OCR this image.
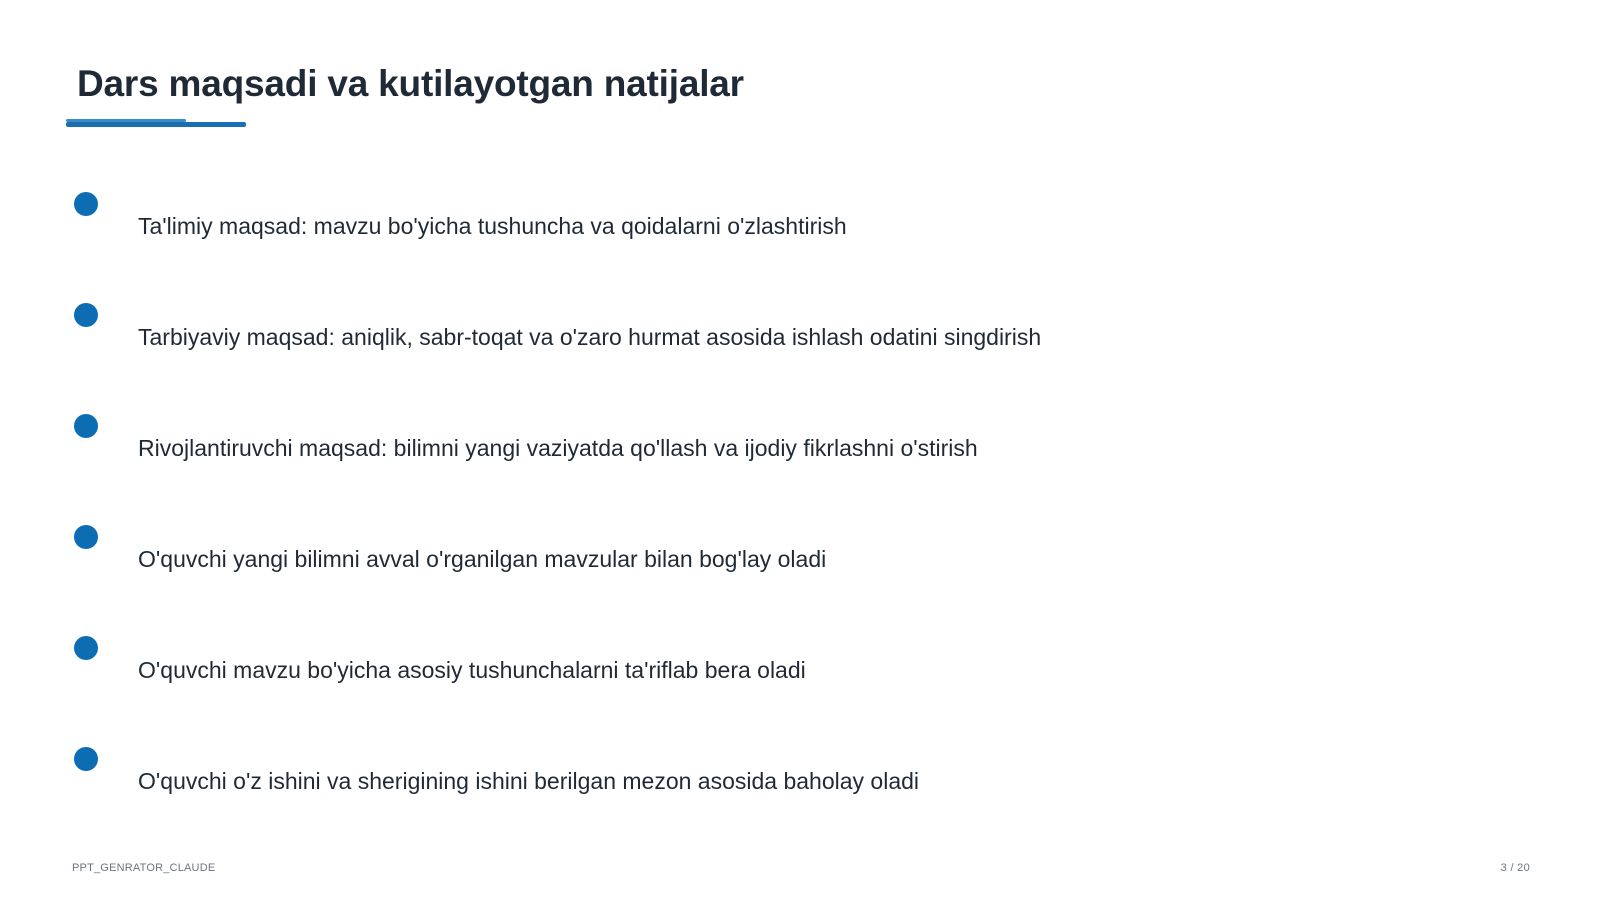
Dars maqsadi va kutilayotgan natijalar
Ta'limiy maqsad: mavzu bo'yicha tushuncha va qoidalarni o'zlashtirish
Tarbiyaviy maqsad: aniqlik, sabr-toqat va o'zaro hurmat asosida ishlash odatini singdirish
Rivojlantiruvchi maqsad: bilimni yangi vaziyatda qo'llash va ijodiy fikrlashni o'stirish
O'quvchi yangi bilimni avval o'rganilgan mavzular bilan bog'lay oladi
O'quvchi mavzu bo'yicha asosiy tushunchalarni ta'riflab bera oladi
O'quvchi o'z ishini va sherigining ishini berilgan mezon asosida baholay oladi
PPT_GENRATOR_CLAUDE	3 / 20
